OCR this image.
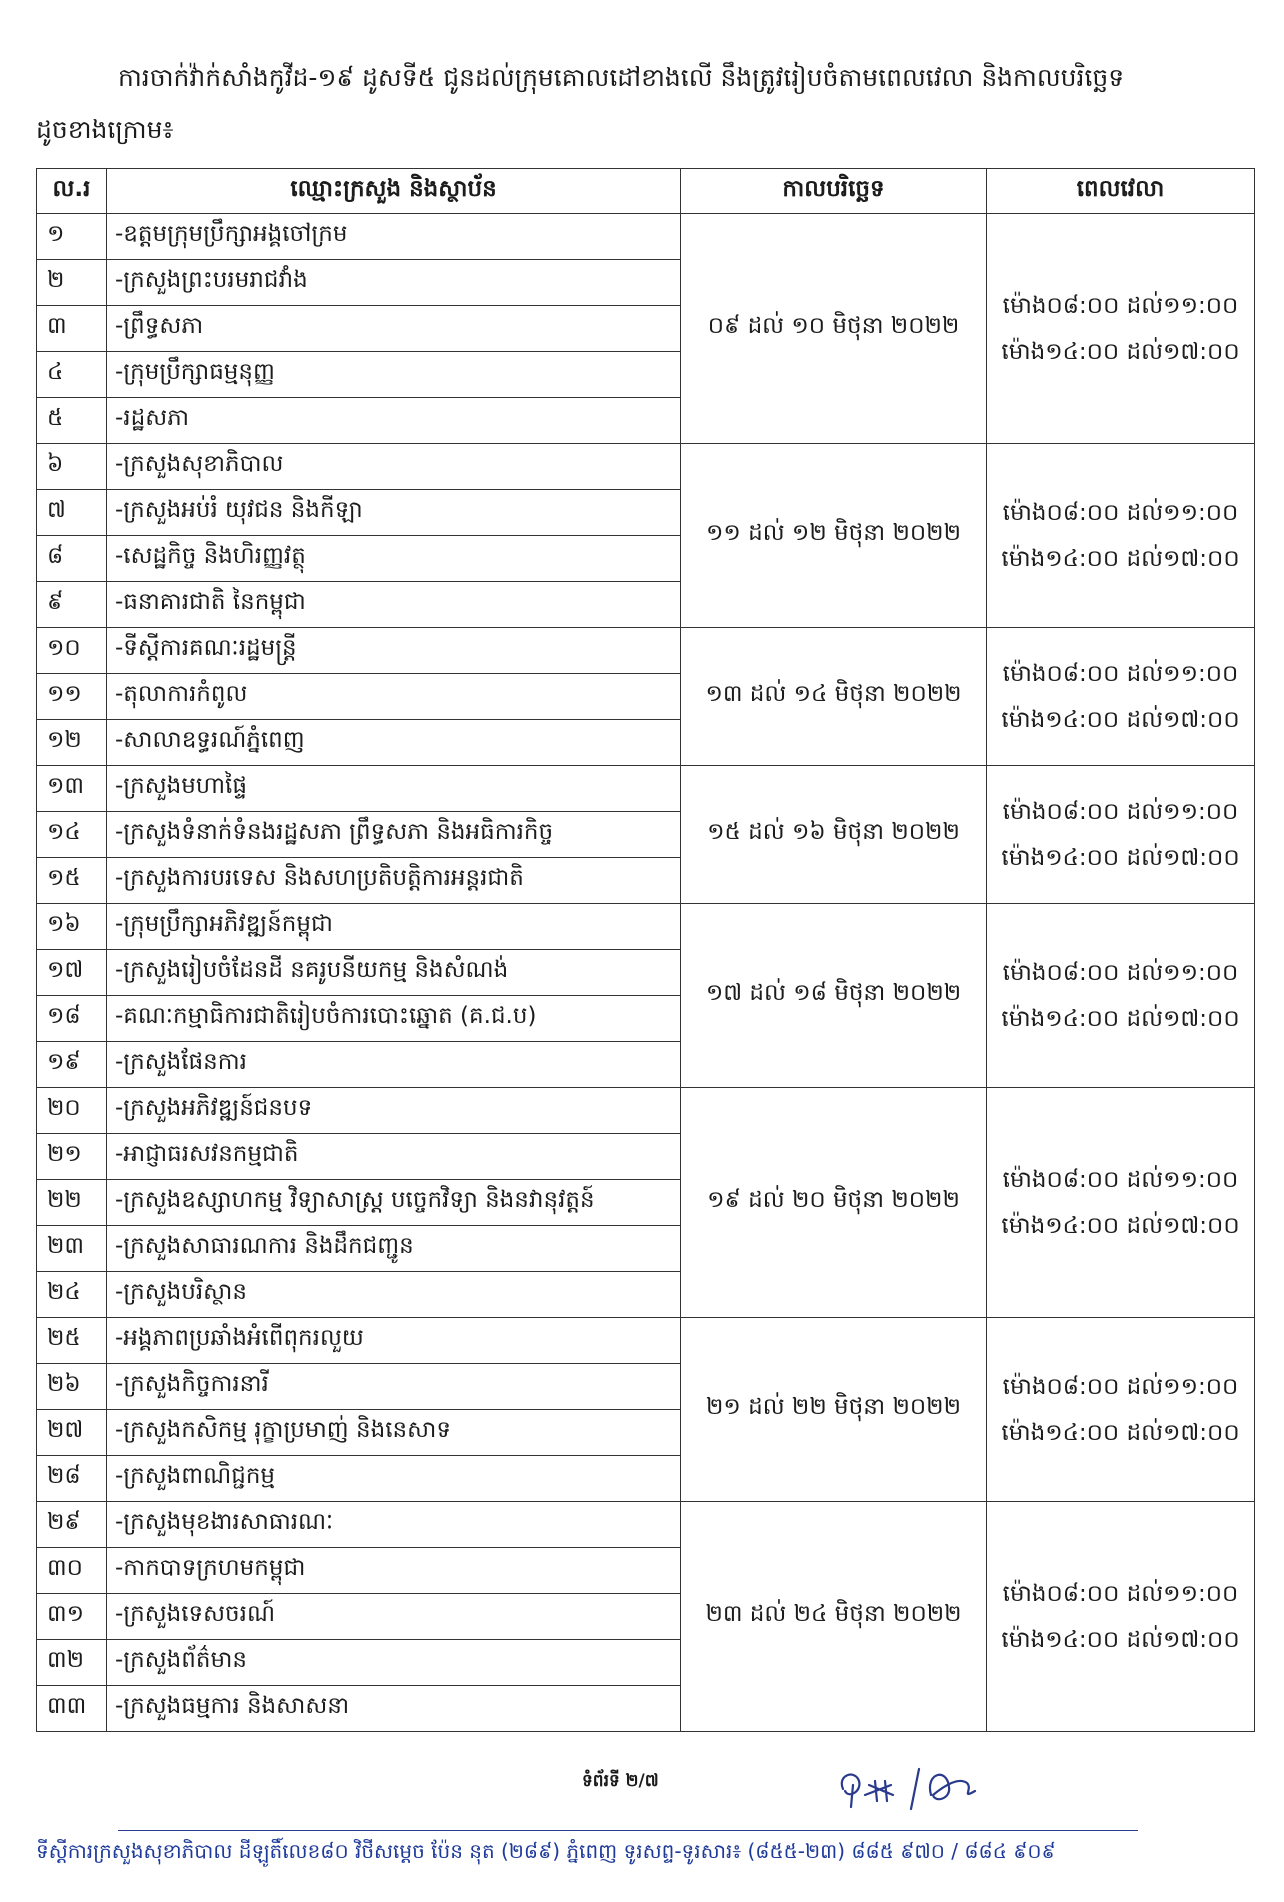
ការចាក់វ៉ាក់សាំងកូវីដ-១៩ ដូសទី៥ ជូនដល់ក្រុមគោលដៅខាងលើ នឹងត្រូវរៀបចំតាមពេលវេលា និងកាលបរិច្ឆេទ
ដូចខាងក្រោម៖
ល.រ	ឈ្មោះក្រសួង និងស្ថាប័ន	កាលបរិច្ឆេទ	ពេលវេលា
១	-ឧត្តមក្រុមប្រឹក្សាអង្គចៅក្រម	០៩ ដល់ ១០ មិថុនា ២០២២	ម៉ោង០៨:០០ ដល់១១:០០
ម៉ោង១៤:០០ ដល់១៧:០០

២	-ក្រសួងព្រះបរមរាជវាំង		
៣	-ព្រឹទ្ធសភា		
៤	-ក្រុមប្រឹក្សាធម្មនុញ្ញ		
៥	-រដ្ឋសភា		
៦	-ក្រសួងសុខាភិបាល	១១ ដល់ ១២ មិថុនា ២០២២	ម៉ោង០៨:០០ ដល់១១:០០
ម៉ោង១៤:០០ ដល់១៧:០០

៧	-ក្រសួងអប់រំ យុវជន និងកីឡា		
៨	-សេដ្ឋកិច្ច និងហិរញ្ញវត្ថុ		
៩	-ធនាគារជាតិ នៃកម្ពុជា		
១០	-ទីស្តីការគណៈរដ្ឋមន្ត្រី	១៣ ដល់ ១៤ មិថុនា ២០២២	ម៉ោង០៨:០០ ដល់១១:០០
ម៉ោង១៤:០០ ដល់១៧:០០

១១	-តុលាការកំពូល		
១២	-សាលាឧទ្ធរណ៍ភ្នំពេញ		
១៣	-ក្រសួងមហាផ្ទៃ	១៥ ដល់ ១៦ មិថុនា ២០២២	ម៉ោង០៨:០០ ដល់១១:០០
ម៉ោង១៤:០០ ដល់១៧:០០

១៤	-ក្រសួងទំនាក់ទំនងរដ្ឋសភា ព្រឹទ្ធសភា និងអធិការកិច្ច		
១៥	-ក្រសួងការបរទេស និងសហប្រតិបត្តិការអន្តរជាតិ		
១៦	-ក្រុមប្រឹក្សាអភិវឌ្ឍន៍កម្ពុជា	១៧ ដល់ ១៨ មិថុនា ២០២២	ម៉ោង០៨:០០ ដល់១១:០០
ម៉ោង១៤:០០ ដល់១៧:០០

១៧	-ក្រសួងរៀបចំដែនដី នគរូបនីយកម្ម និងសំណង់		
១៨	-គណៈកម្មាធិការជាតិរៀបចំការបោះឆ្នោត (គ.ជ.ប)		
១៩	-ក្រសួងផែនការ		
២០	-ក្រសួងអភិវឌ្ឍន៍ជនបទ	១៩ ដល់ ២០ មិថុនា ២០២២	ម៉ោង០៨:០០ ដល់១១:០០
ម៉ោង១៤:០០ ដល់១៧:០០

២១	-អាជ្ញាធរសវនកម្មជាតិ		
២២	-ក្រសួងឧស្សាហកម្ម វិទ្យាសាស្ត្រ បច្ចេកវិទ្យា និងនវានុវត្តន៍		
២៣	-ក្រសួងសាធារណការ និងដឹកជញ្ជូន		
២៤	-ក្រសួងបរិស្ថាន		
២៥	-អង្គភាពប្រឆាំងអំពើពុករលួយ	២១ ដល់ ២២ មិថុនា ២០២២	ម៉ោង០៨:០០ ដល់១១:០០
ម៉ោង១៤:០០ ដល់១៧:០០

២៦	-ក្រសួងកិច្ចការនារី		
២៧	-ក្រសួងកសិកម្ម រុក្ខាប្រមាញ់ និងនេសាទ		
២៨	-ក្រសួងពាណិជ្ជកម្ម		
២៩	-ក្រសួងមុខងារសាធារណៈ	២៣ ដល់ ២៤ មិថុនា ២០២២	ម៉ោង០៨:០០ ដល់១១:០០
ម៉ោង១៤:០០ ដល់១៧:០០

៣០	-កាកបាទក្រហមកម្ពុជា		
៣១	-ក្រសួងទេសចរណ៍		
៣២	-ក្រសួងព័ត៌មាន		
៣៣	-ក្រសួងធម្មការ និងសាសនា		
ទំព័រទី ២/៧
ទីស្តីការក្រសួងសុខាភិបាល ដីឡូតិ៍លេខ៨០ វិថីសម្តេច ប៉ែន នុត (២៨៩) ភ្នំពេញ ទូរសព្ទ-ទូរសារ៖ (៨៥៥-២៣) ៨៨៥ ៩៧០ / ៨៨៤ ៩០៩
